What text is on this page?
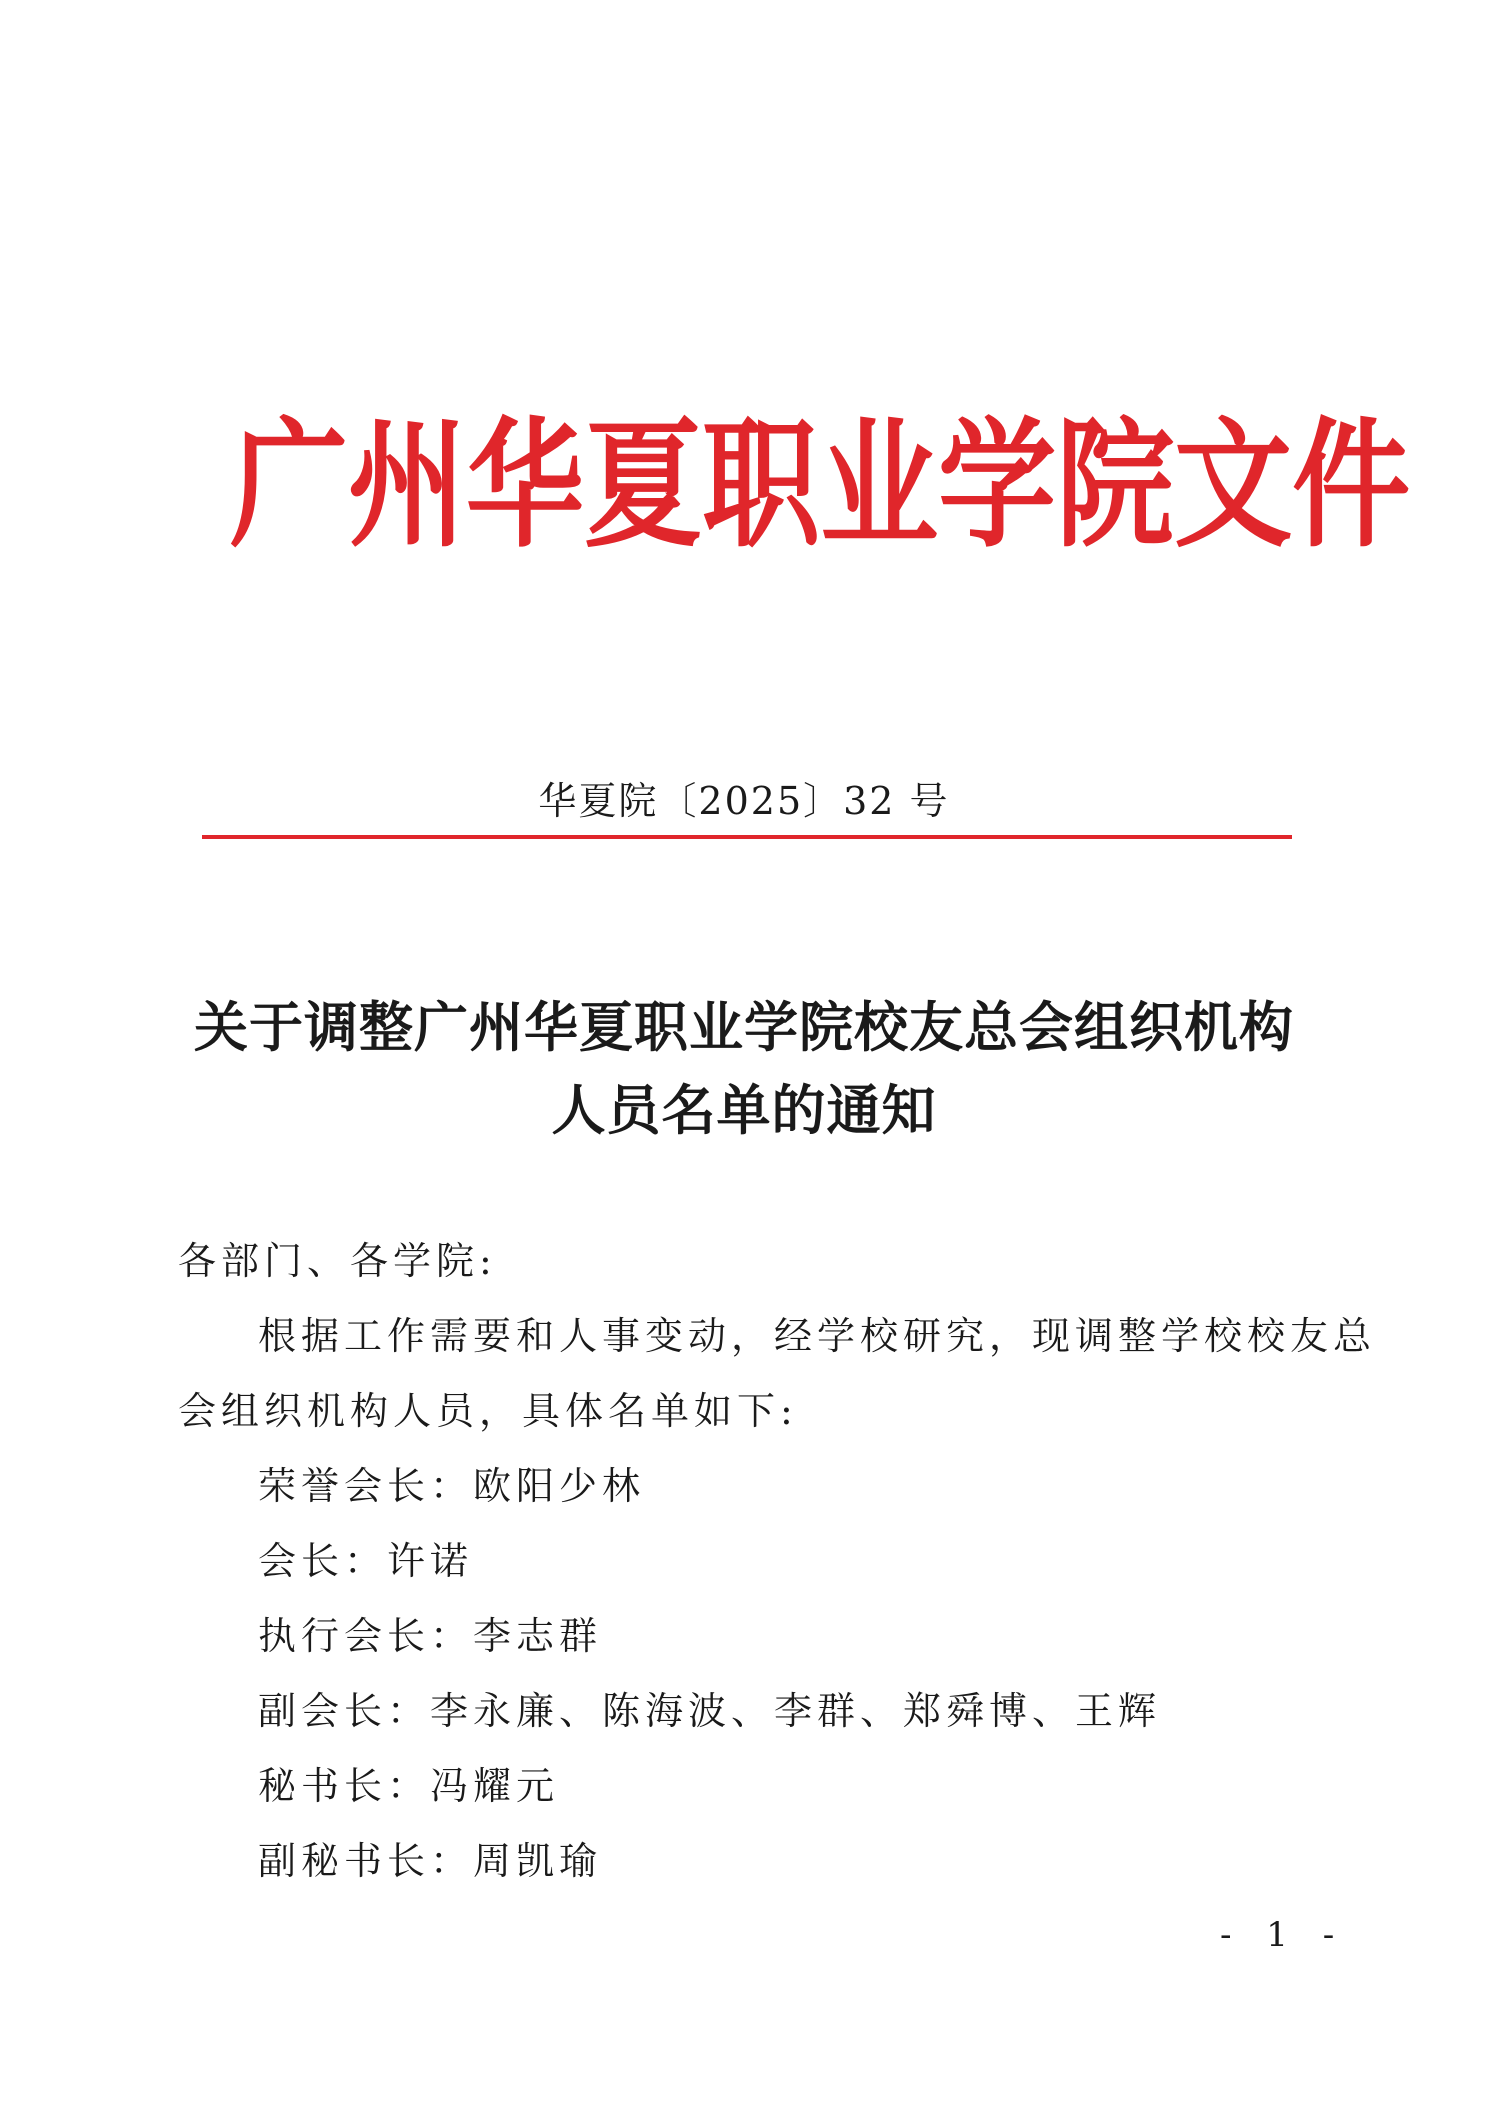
广 州 华 夏 职 业 学 院 文 件
华夏院〔2025〕32 号
关于调整广州华夏职业学院校友总会组织机构
人员名单的通知
各部门、各学院:
根据工作需要和人事变动，经学校研究，现调整学校校友总
会组织机构人员，具体名单如下:
荣誉会长：欧阳少林
会长：许诺
执行会长：李志群
副会长：李永廉、陈海波、李群、郑舜博、王辉
秘书长：冯耀元
副秘书长：周凯瑜
- 1 -
